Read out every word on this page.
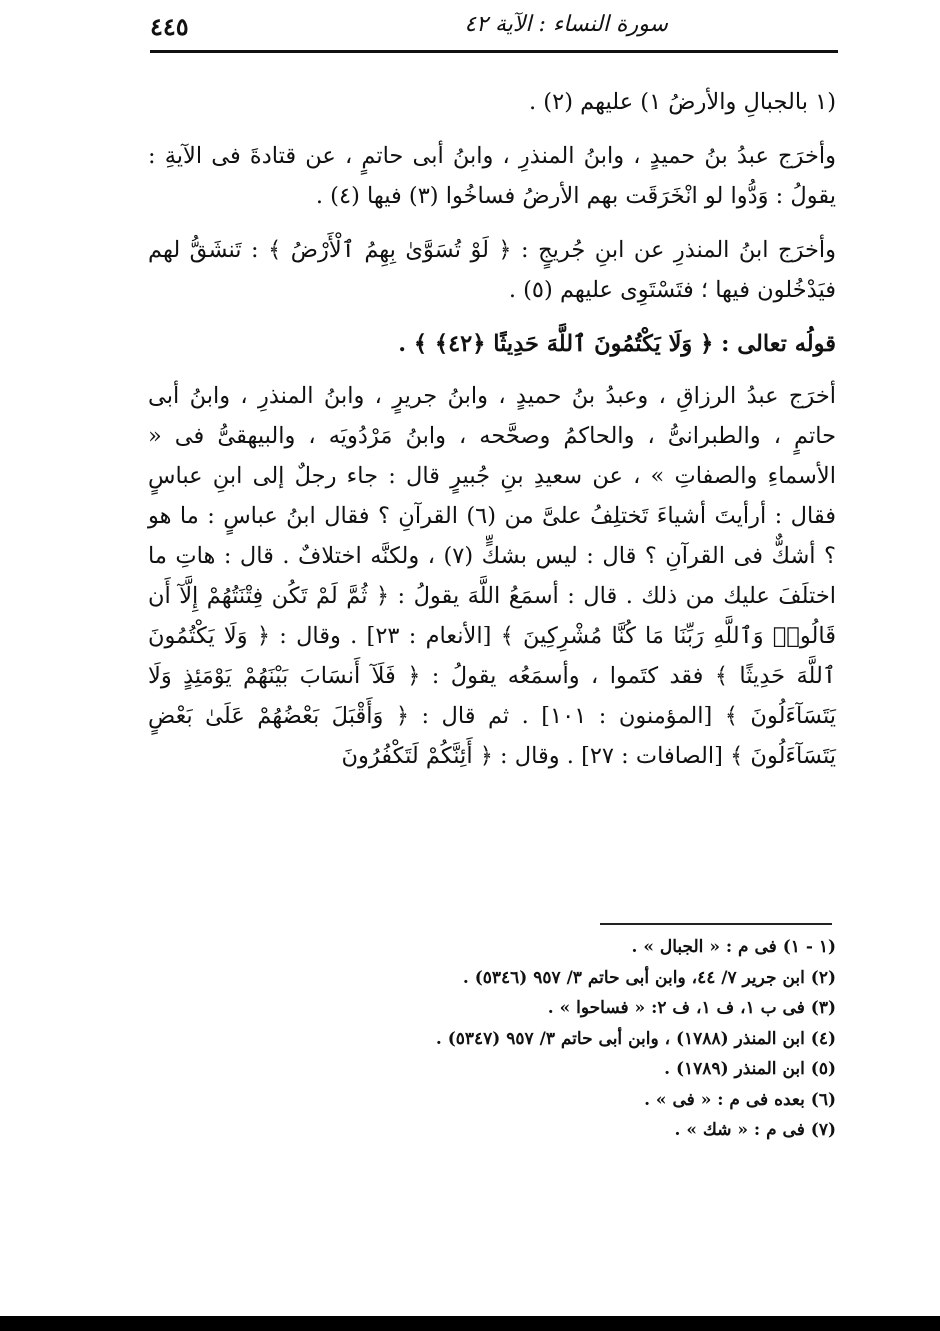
٤٤٥	سورة النساء : الآية ٤٢

(١ بالجبالِ والأرضُ ١) عليهم (٢) .

وأخرَج عبدُ بنُ حميدٍ ، وابنُ المنذرِ ، وابنُ أبى حاتمٍ ، عن قتادةَ فى الآيةِ : يقولُ : وَدُّوا لو انْخَرَقَت بهم الأرضُ فساخُوا (٣) فيها (٤) .

وأخرَج ابنُ المنذرِ عن ابنِ جُريجٍ : ﴿ لَوْ تُسَوَّىٰ بِهِمُ ٱلْأَرْضُ ﴾ : تَنشَقُّ لهم فيَدْخُلون فيها ؛ فتَسْتَوِى عليهم (٥) .

قولُه تعالى : ﴿ وَلَا يَكْتُمُونَ ٱللَّهَ حَدِيثًا ﴿٤٢﴾ ﴾ .

أخرَج عبدُ الرزاقِ ، وعبدُ بنُ حميدٍ ، وابنُ جريرٍ ، وابنُ المنذرِ ، وابنُ أبى حاتمٍ ، والطبرانىُّ ، والحاكمُ وصحَّحه ، وابنُ مَرْدُويَه ، والبيهقىُّ فى « الأسماءِ والصفاتِ » ، عن سعيدِ بنِ جُبيرٍ قال : جاء رجلٌ إلى ابنِ عباسٍ فقال : أرأيتَ أشياءَ تَختلِفُ علىَّ من (٦) القرآنِ ؟ فقال ابنُ عباسٍ : ما هو ؟ أشكٌّ فى القرآنِ ؟ قال : ليس بشكٍّ (٧) ، ولكنَّه اختلافٌ . قال : هاتِ ما اختلَفَ عليك من ذلك . قال : أسمَعُ اللَّهَ يقولُ : ﴿ ثُمَّ لَمْ تَكُن فِتْنَتُهُمْ إِلَّآ أَن قَالُوا۟ وَٱللَّهِ رَبِّنَا مَا كُنَّا مُشْرِكِينَ ﴾ [الأنعام : ٢٣] . وقال : ﴿ وَلَا يَكْتُمُونَ ٱللَّهَ حَدِيثًا ﴾ فقد كتَموا ، وأسمَعُه يقولُ : ﴿ فَلَآ أَنسَابَ بَيْنَهُمْ يَوْمَئِذٍ وَلَا يَتَسَآءَلُونَ ﴾ [المؤمنون : ١٠١] . ثم قال : ﴿ وَأَقْبَلَ بَعْضُهُمْ عَلَىٰ بَعْضٍ يَتَسَآءَلُونَ ﴾ [الصافات : ٢٧] . وقال : ﴿ أَئِنَّكُمْ لَتَكْفُرُونَ

(١ - ١) فى م : « الجبال » .

(٢) ابن جرير ٧/ ٤٤، وابن أبى حاتم ٣/ ٩٥٧ (٥٣٤٦) .

(٣) فى ب ١، ف ١، ف ٢: « فساحوا » .

(٤) ابن المنذر (١٧٨٨) ، وابن أبى حاتم ٣/ ٩٥٧ (٥٣٤٧) .

(٥) ابن المنذر (١٧٨٩) .

(٦) بعده فى م : « فى » .

(٧) فى م : « شك » .
